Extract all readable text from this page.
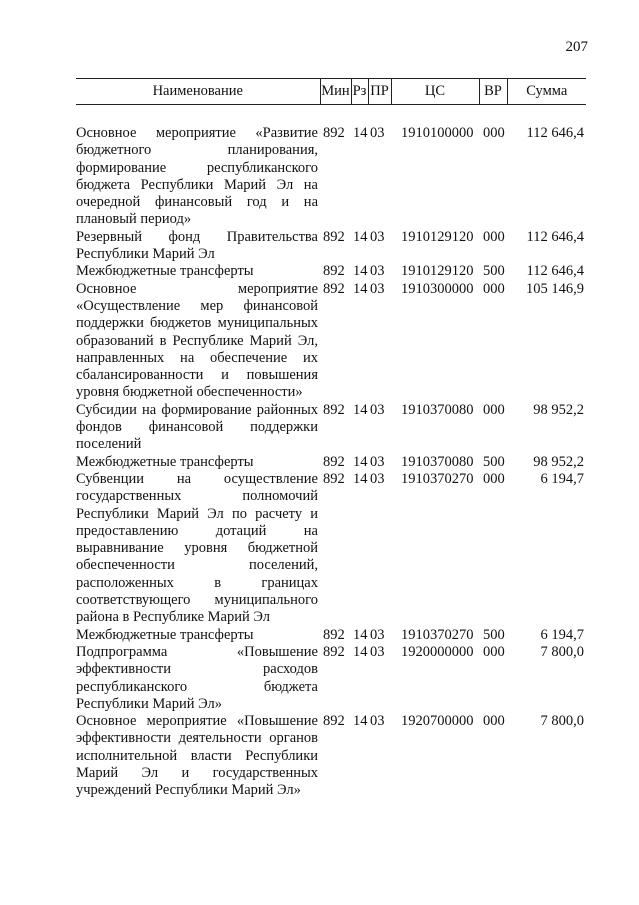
207
Наименование	Мин	Рз	ПР	ЦС	ВР	Сумма

Основное мероприятие «Развитие бюджетного планирования, формирование республиканского бюджета Республики Марий Эл на очередной финансовый год и на плановый период»	892	14	03	1910100000	000	112 646,4
Резервный фонд Правительства Республики Марий Эл	892	14	03	1910129120	000	112 646,4
Межбюджетные трансферты	892	14	03	1910129120	500	112 646,4
Основное мероприятие «Осуществление мер финансовой поддержки бюджетов муниципальных образований в Республике Марий Эл, направленных на обеспечение их сбалансированности и повышения уровня бюджетной обеспеченности»	892	14	03	1910300000	000	105 146,9
Субсидии на формирование районных фондов финансовой поддержки поселений	892	14	03	1910370080	000	98 952,2
Межбюджетные трансферты	892	14	03	1910370080	500	98 952,2
Субвенции на осуществление государственных полномочий Республики Марий Эл по расчету и предоставлению дотаций на выравнивание уровня бюджетной обеспеченности поселений, расположенных в границах соответствующего муниципального района в Республике Марий Эл	892	14	03	1910370270	000	6 194,7
Межбюджетные трансферты	892	14	03	1910370270	500	6 194,7
Подпрограмма «Повышение эффективности расходов республиканского бюджета Республики Марий Эл»	892	14	03	1920000000	000	7 800,0
Основное мероприятие «Повышение эффективности деятельности органов исполнительной власти Республики Марий Эл и государственных учреждений Республики Марий Эл»	892	14	03	1920700000	000	7 800,0
